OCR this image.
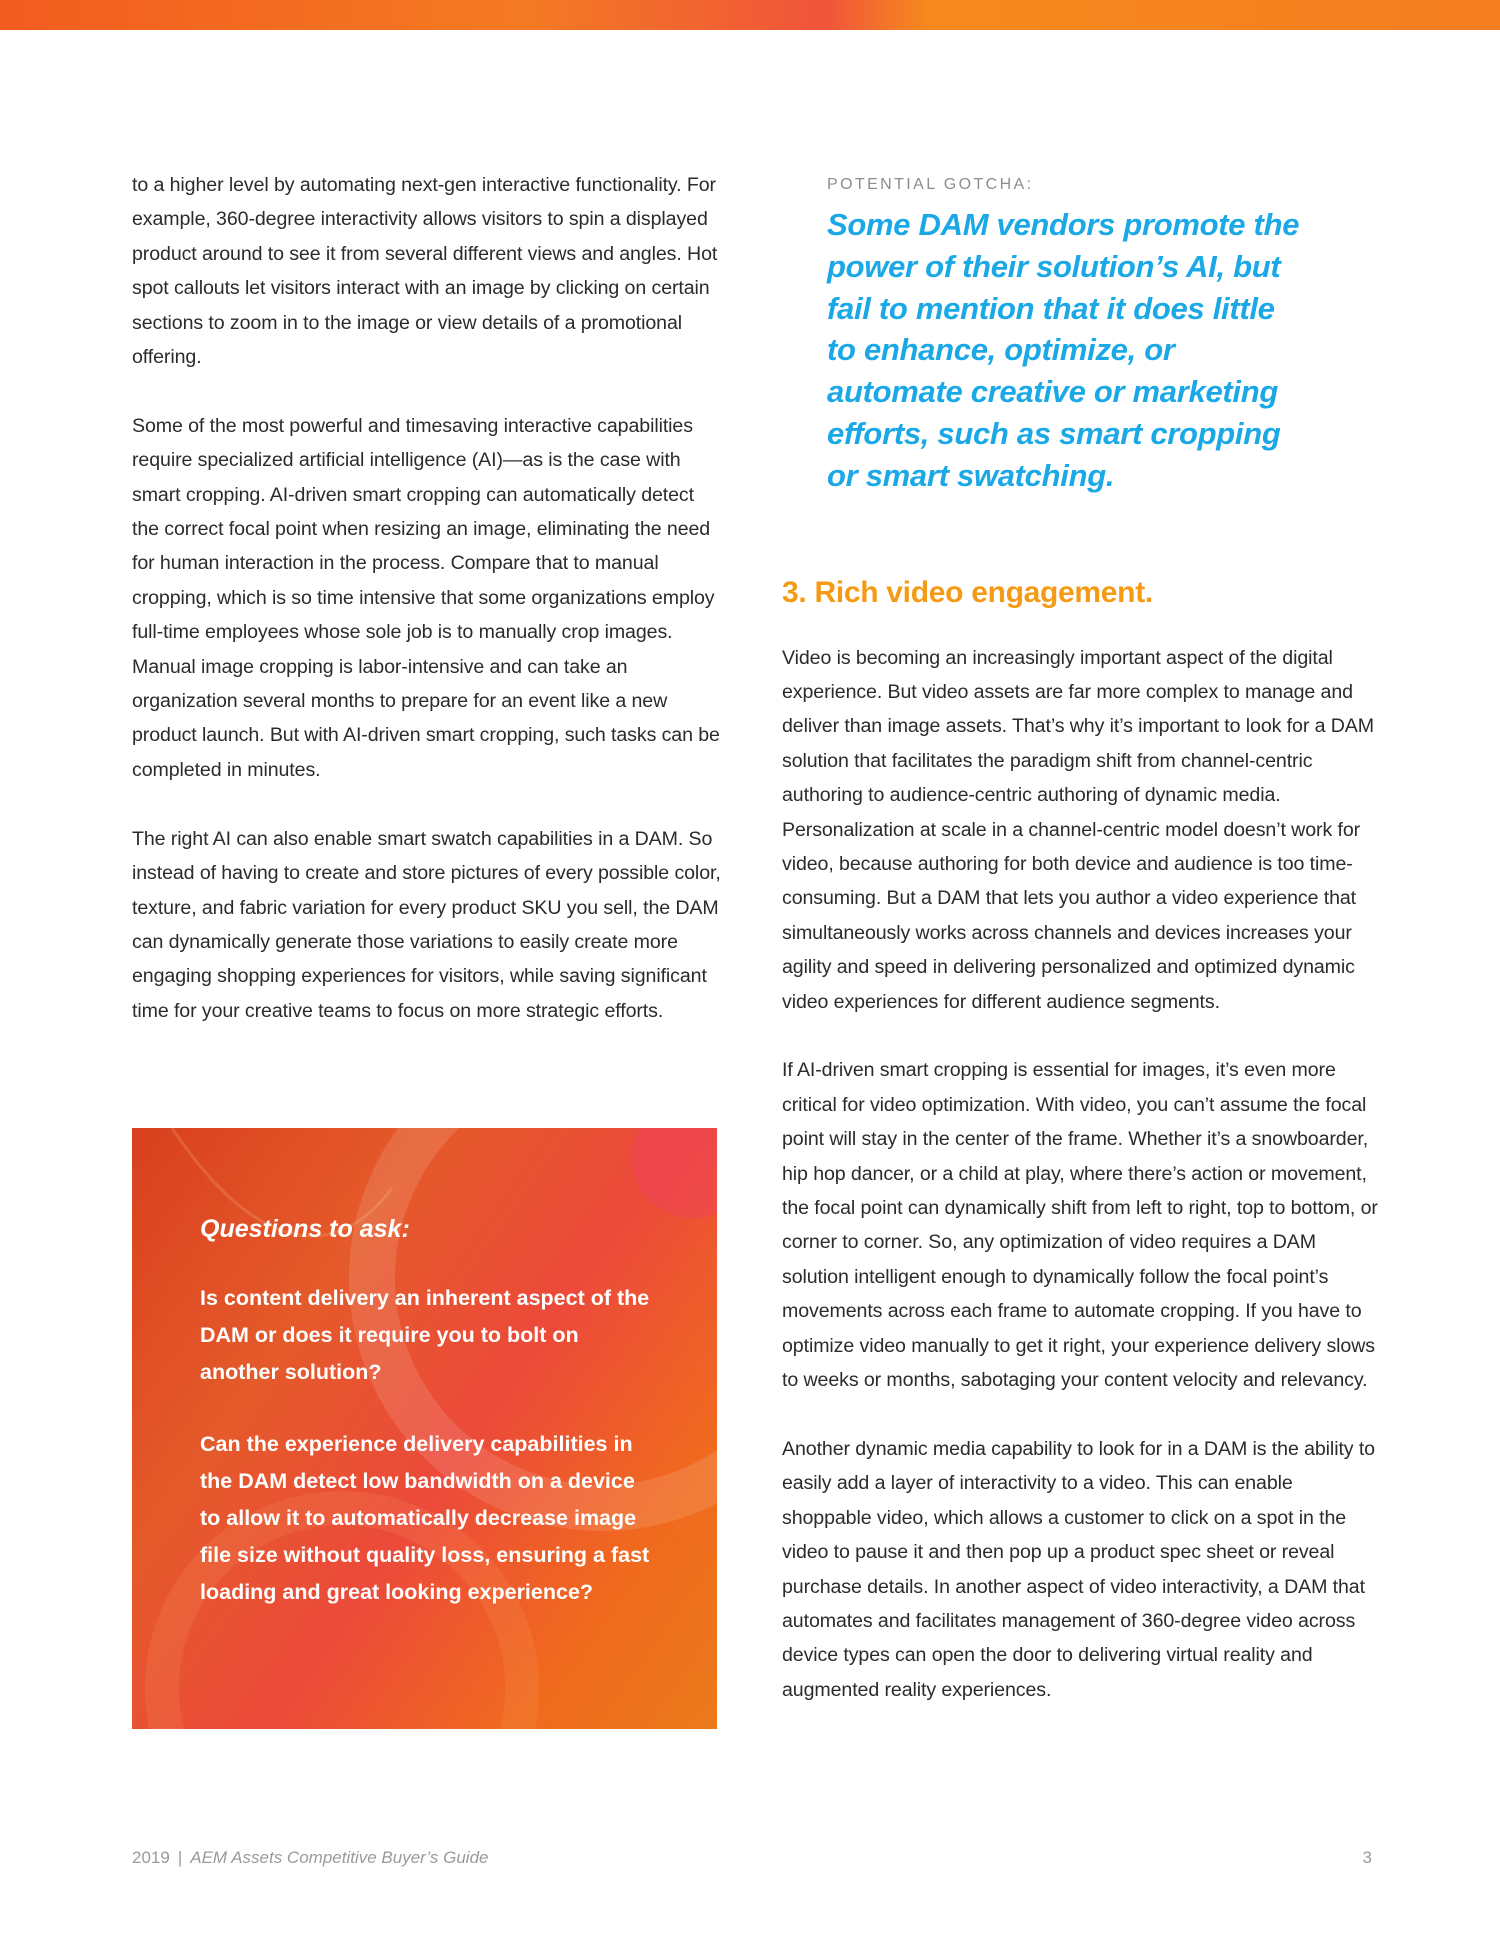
to a higher level by automating next-gen interactive functionality. For example, 360-degree interactivity allows visitors to spin a displayed product around to see it from several different views and angles. Hot spot callouts let visitors interact with an image by clicking on certain sections to zoom in to the image or view details of a promotional offering.

Some of the most powerful and timesaving interactive capabilities require specialized artificial intelligence (AI)—as is the case with smart cropping. AI-driven smart cropping can automatically detect the correct focal point when resizing an image, eliminating the need for human interaction in the process. Compare that to manual cropping, which is so time intensive that some organizations employ full-time employees whose sole job is to manually crop images. Manual image cropping is labor-intensive and can take an organization several months to prepare for an event like a new product launch. But with AI-driven smart cropping, such tasks can be completed in minutes.

The right AI can also enable smart swatch capabilities in a DAM. So instead of having to create and store pictures of every possible color, texture, and fabric variation for every product SKU you sell, the DAM can dynamically generate those variations to easily create more engaging shopping experiences for visitors, while saving significant time for your creative teams to focus on more strategic efforts.

Questions to ask:

Is content delivery an inherent aspect of the DAM or does it require you to bolt on another solution?

Can the experience delivery capabilities in the DAM detect low bandwidth on a device to allow it to automatically decrease image file size without quality loss, ensuring a fast loading and great looking experience?

POTENTIAL GOTCHA:
Some DAM vendors promote the power of their solution’s AI, but fail to mention that it does little to enhance, optimize, or automate creative or marketing efforts, such as smart cropping or smart swatching.
3. Rich video engagement.

Video is becoming an increasingly important aspect of the digital experience. But video assets are far more complex to manage and deliver than image assets. That’s why it’s important to look for a DAM solution that facilitates the paradigm shift from channel-centric authoring to audience-centric authoring of dynamic media. Personalization at scale in a channel-centric model doesn’t work for video, because authoring for both device and audience is too time-consuming. But a DAM that lets you author a video experience that simultaneously works across channels and devices increases your agility and speed in delivering personalized and optimized dynamic video experiences for different audience segments.

If AI-driven smart cropping is essential for images, it’s even more critical for video optimization. With video, you can’t assume the focal point will stay in the center of the frame. Whether it’s a snowboarder, hip hop dancer, or a child at play, where there’s action or movement, the focal point can dynamically shift from left to right, top to bottom, or corner to corner. So, any optimization of video requires a DAM solution intelligent enough to dynamically follow the focal point’s movements across each frame to automate cropping. If you have to optimize video manually to get it right, your experience delivery slows to weeks or months, sabotaging your content velocity and relevancy.

Another dynamic media capability to look for in a DAM is the ability to easily add a layer of interactivity to a video. This can enable shoppable video, which allows a customer to click on a spot in the video to pause it and then pop up a product spec sheet or reveal purchase details. In another aspect of video interactivity, a DAM that automates and facilitates management of 360-degree video across device types can open the door to delivering virtual reality and augmented reality experiences.

2019 | AEM Assets Competitive Buyer’s Guide	3
